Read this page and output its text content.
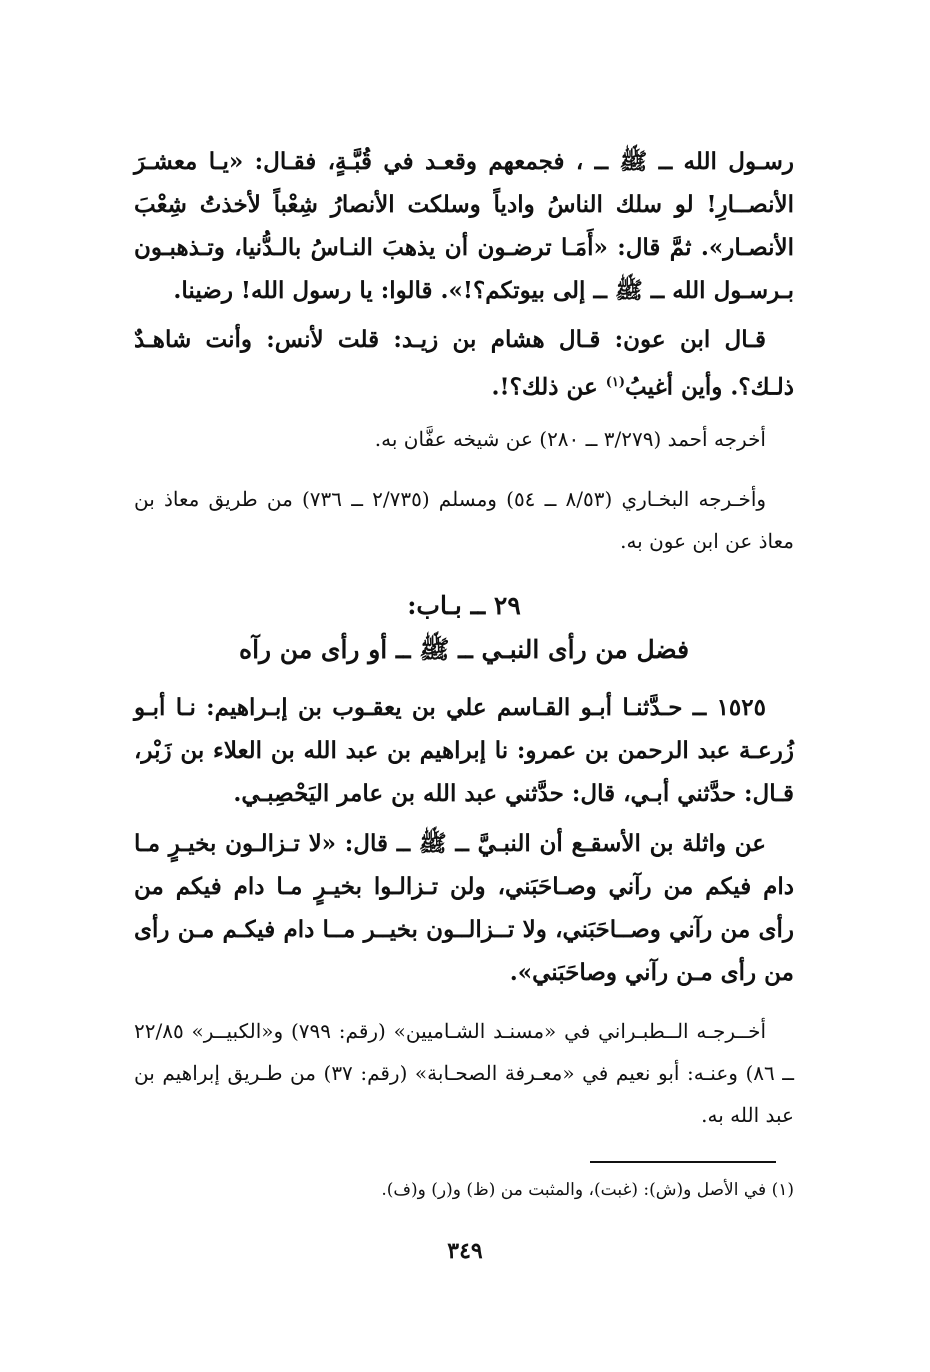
رسـول الله ــ ﷺ ــ ، فجمعهم وقعـد في قُبَّـةٍ، فقـال: «يـا معشـرَ الأنصــارِ! لو سلك الناسُ وادياً وسلكت الأنصارُ شِعْباً لأخذتُ شِعْبَ الأنصـار». ثمَّ قال: «أَمَـا ترضـون أن يذهبَ النـاسُ بالـدُّنيا، وتـذهبـون بـرسـول الله ــ ﷺ ــ إلى بيوتكم؟!». قالوا: يا رسول الله! رضينا.

قـال ابن عون: قـال هشام بن زيـد: قلت لأنس: وأنت شاهـدٌ ذلـك؟. وأين أغيبُ$^{(١)}$ عن ذلك؟!.

أخرجه أحمد (٣/٢٧٩ ــ ٢٨٠) عن شيخه عفَّان به.

وأخـرجه البخـاري (٨/٥٣ ــ ٥٤) ومسلم (٢/٧٣٥ ــ ٧٣٦) من طريق معاذ بن معاذ عن ابن عون به.

٢٩ ــ بـاب:

فضل من رأى النبـي ــ ﷺ ــ أو رأى من رآه

١٥٢٥ ــ حـدَّثنـا أبـو القـاسم علي بن يعقـوب بن إبـراهيم: نـا أبـو زُرعـة عبد الرحمن بن عمرو: نا إبراهيم بن عبد الله بن العلاء بن زَبْر، قـال: حدَّثني أبـي، قال: حدَّثني عبد الله بن عامر اليَحْصِبـي.

عن واثلة بن الأسقـع أن النبـيَّ ــ ﷺ ــ قال: «لا تـزالـون بخيـرٍ مـا دام فيكم من رآني وصـاحَبَني، ولن تـزالـوا بخيـرٍ مـا دام فيكم من رأى من رآني وصــاحَبَني، ولا تــزالــون بخيــر مــا دام فيكـم مـن رأى من رأى مـن رآني وصاحَبَني».

أخــرجـه الــطبـراني في «مسنـد الشـاميين» (رقم: ٧٩٩) و«الكبيــر» ٢٢/٨٥ ــ ٨٦) وعنـه: أبو نعيم في «معـرفة الصحـابة» (رقم: ٣٧) من طـريق إبراهيم بن عبد الله به.

(١) في الأصل و(ش): (غبت)، والمثبت من (ظ) و(ر) و(ف).

٣٤٩
